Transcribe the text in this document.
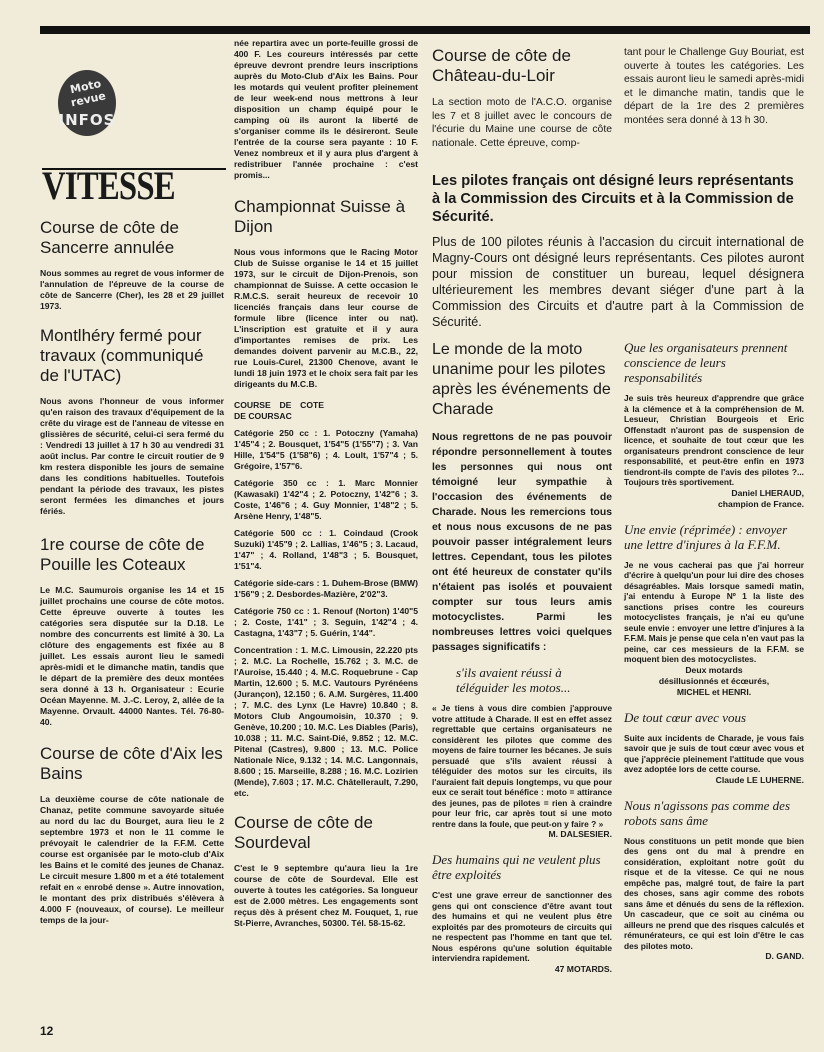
Moto revue
INFOS
VITESSE
Course de côte de Sancerre annulée

Nous sommes au regret de vous informer de l'annulation de l'épreuve de la course de côte de Sancerre (Cher), les 28 et 29 juillet 1973.

Montlhéry fermé pour travaux (communiqué de l'UTAC)

Nous avons l'honneur de vous informer qu'en raison des travaux d'équipement de la crête du virage est de l'anneau de vitesse en glissières de sécurité, celui-ci sera fermé du : Vendredi 13 juillet à 17 h 30 au vendredi 31 août inclus. Par contre le circuit routier de 9 km restera disponible les jours de semaine dans les conditions habituelles. Toutefois pendant la période des travaux, les pistes seront fermées les dimanches et jours fériés.

1re course de côte de Pouille les Coteaux

Le M.C. Saumurois organise les 14 et 15 juillet prochains une course de côte motos. Cette épreuve ouverte à toutes les catégories sera disputée sur la D.18. Le nombre des concurrents est limité à 30. La clôture des engagements est fixée au 8 juillet. Les essais auront lieu le samedi après-midi et le dimanche matin, tandis que le départ de la première des deux montées sera donné à 13 h. Organisateur : Ecurie Océan Mayenne. M. J.-C. Leroy, 2, allée de la Mayenne. Orvault. 44000 Nantes. Tél. 76-80-40.

Course de côte d'Aix les Bains

La deuxième course de côte nationale de Chanaz, petite commune savoyarde située au nord du lac du Bourget, aura lieu le 2 septembre 1973 et non le 11 comme le prévoyait le calendrier de la F.F.M. Cette course est organisée par le moto-club d'Aix les Bains et le comité des jeunes de Chanaz. Le circuit mesure 1.800 m et a été totalement refait en « enrobé dense ». Autre innovation, le montant des prix distribués s'élèvera à 4.000 F (nouveaux, of course). Le meilleur temps de la jour-

née repartira avec un porte-feuille grossi de 400 F. Les coureurs intéressés par cette épreuve devront prendre leurs inscriptions auprès du Moto-Club d'Aix les Bains. Pour les motards qui veulent profiter pleinement de leur week-end nous mettrons à leur disposition un champ équipé pour le camping où ils auront la liberté de s'organiser comme ils le désireront. Seule l'entrée de la course sera payante : 10 F. Venez nombreux et il y aura plus d'argent à redistribuer l'année prochaine : c'est promis...

Championnat Suisse à Dijon

Nous vous informons que le Racing Motor Club de Suisse organise le 14 et 15 juillet 1973, sur le circuit de Dijon-Prenois, son championnat de Suisse. A cette occasion le R.M.C.S. serait heureux de recevoir 10 licenciés français dans leur course de formule libre (licence inter ou nat). L'inscription est gratuite et il y aura d'importantes remises de prix. Les demandes doivent parvenir au M.C.B., 22, rue Louis-Curel, 21300 Chenove, avant le lundi 18 juin 1973 et le choix sera fait par les dirigeants du M.C.B.

COURSE DE COTE DE COURSAC

Catégorie 250 cc : 1. Potoczny (Yamaha) 1'45"4 ; 2. Bousquet, 1'54"5 (1'55"7) ; 3. Van Hille, 1'54"5 (1'58"6) ; 4. Loult, 1'57"4 ; 5. Grégoire, 1'57"6.

Catégorie 350 cc : 1. Marc Monnier (Kawasaki) 1'42"4 ; 2. Potoczny, 1'42"6 ; 3. Coste, 1'46"6 ; 4. Guy Monnier, 1'48"2 ; 5. Arsène Henry, 1'48"5.

Catégorie 500 cc : 1. Coindaud (Crook Suzuki) 1'45"9 ; 2. Lallias, 1'46"5 ; 3. Lacaud, 1'47" ; 4. Rolland, 1'48"3 ; 5. Bousquet, 1'51"4.

Catégorie side-cars : 1. Duhem-Brose (BMW) 1'56"9 ; 2. Desbordes-Mazière, 2'02"3.

Catégorie 750 cc : 1. Renouf (Norton) 1'40"5 ; 2. Coste, 1'41" ; 3. Seguin, 1'42"4 ; 4. Castagna, 1'43"7 ; 5. Guérin, 1'44".

Concentration : 1. M.C. Limousin, 22.220 pts ; 2. M.C. La Rochelle, 15.762 ; 3. M.C. de l'Auroise, 15.440 ; 4. M.C. Roquebrune - Cap Martin, 12.600 ; 5. M.C. Vautours Pyrénéens (Jurançon), 12.150 ; 6. A.M. Surgères, 11.400 ; 7. M.C. des Lynx (Le Havre) 10.840 ; 8. Motors Club Angoumoisin, 10.370 ; 9. Genève, 10.200 ; 10. M.C. Les Diables (Paris), 10.038 ; 11. M.C. Saint-Dié, 9.852 ; 12. M.C. Pitenal (Castres), 9.800 ; 13. M.C. Police Nationale Nice, 9.132 ; 14. M.C. Langonnais, 8.600 ; 15. Marseille, 8.288 ; 16. M.C. Lozirien (Mende), 7.603 ; 17. M.C. Châtellerault, 7.290, etc.

Course de côte de Sourdeval

C'est le 9 septembre qu'aura lieu la 1re course de côte de Sourdeval. Elle est ouverte à toutes les catégories. Sa longueur est de 2.000 mètres. Les engagements sont reçus dès à présent chez M. Fouquet, 1, rue St-Pierre, Avranches, 50300. Tél. 58-15-62.

Course de côte de Château-du-Loir

La section moto de l'A.C.O. organise les 7 et 8 juillet avec le concours de l'écurie du Maine une course de côte nationale. Cette épreuve, comp-

tant pour le Challenge Guy Bouriat, est ouverte à toutes les catégories. Les essais auront lieu le samedi après-midi et le dimanche matin, tandis que le départ de la 1re des 2 premières montées sera donné à 13 h 30.

Les pilotes français ont désigné leurs représentants à la Commission des Circuits et à la Commission de Sécurité.
Plus de 100 pilotes réunis à l'accasion du circuit international de Magny-Cours ont désigné leurs représentants. Ces pilotes auront pour mission de constituer un bureau, lequel désignera ultérieurement les membres devant siéger d'une part à la Commission des Circuits et d'autre part à la Commission de Sécurité.
Le monde de la moto unanime pour les pilotes après les événements de Charade

Nous regrettons de ne pas pouvoir répondre personnellement à toutes les personnes qui nous ont témoigné leur sympathie à l'occasion des événements de Charade. Nous les remercions tous et nous nous excusons de ne pas pouvoir passer intégralement leurs lettres. Cependant, tous les pilotes ont été heureux de constater qu'ils n'étaient pas isolés et pouvaient compter sur tous leurs amis motocyclistes. Parmi les nombreuses lettres voici quelques passages significatifs :

s'ils avaient réussi à téléguider les motos...

« Je tiens à vous dire combien j'approuve votre attitude à Charade. Il est en effet assez regrettable que certains organisateurs ne considèrent les pilotes que comme des moyens de faire tourner les bécanes. Je suis persuadé que s'ils avaient réussi à téléguider des motos sur les circuits, ils l'auraient fait depuis longtemps, vu que pour eux ce serait tout bénéfice : moto = attirance des jeunes, pas de pilotes = rien à craindre pour leur fric, car après tout si une moto rentre dans la foule, que peut-on y faire ? »

M. DALSESIER.

Des humains qui ne veulent plus être exploités

C'est une grave erreur de sanctionner des gens qui ont conscience d'être avant tout des humains et qui ne veulent plus être exploités par des promoteurs de circuits qui ne respectent pas l'homme en tant que tel. Nous espérons qu'une solution équitable interviendra rapidement.

47 MOTARDS.

Que les organisateurs prennent conscience de leurs responsabilités

Je suis très heureux d'apprendre que grâce à la clémence et à la compréhension de M. Lesueur, Christian Bourgeois et Eric Offenstadt n'auront pas de suspension de licence, et souhaite de tout cœur que les organisateurs prendront conscience de leur responsabilité, et peut-être enfin en 1973 tiendront-ils compte de l'avis des pilotes ?... Toujours très sportivement.

Daniel LHERAUD,

champion de France.

Une envie (réprimée) : envoyer une lettre d'injures à la F.F.M.

Je ne vous cacherai pas que j'ai horreur d'écrire à quelqu'un pour lui dire des choses désagréables. Mais lorsque samedi matin, j'ai entendu à Europe Nº 1 la liste des sanctions prises contre les coureurs motocyclistes français, je n'ai eu qu'une seule envie : envoyer une lettre d'injures à la F.F.M. Mais je pense que cela n'en vaut pas la peine, car ces messieurs de la F.F.M. se moquent bien des motocyclistes.

Deux motards

désillusionnés et écœurés,

MICHEL et HENRI.

De tout cœur avec vous

Suite aux incidents de Charade, je vous fais savoir que je suis de tout cœur avec vous et que j'apprécie pleinement l'attitude que vous avez adoptée lors de cette course.

Claude LE LUHERNE.

Nous n'agissons pas comme des robots sans âme

Nous constituons un petit monde que bien des gens ont du mal à prendre en considération, exploitant notre goût du risque et de la vitesse. Ce qui ne nous empêche pas, malgré tout, de faire la part des choses, sans agir comme des robots sans âme et dénués du sens de la réflexion. Un cascadeur, que ce soit au cinéma ou ailleurs ne prend que des risques calculés et rémunérateurs, ce qui est loin d'être le cas des pilotes moto.

D. GAND.

12
